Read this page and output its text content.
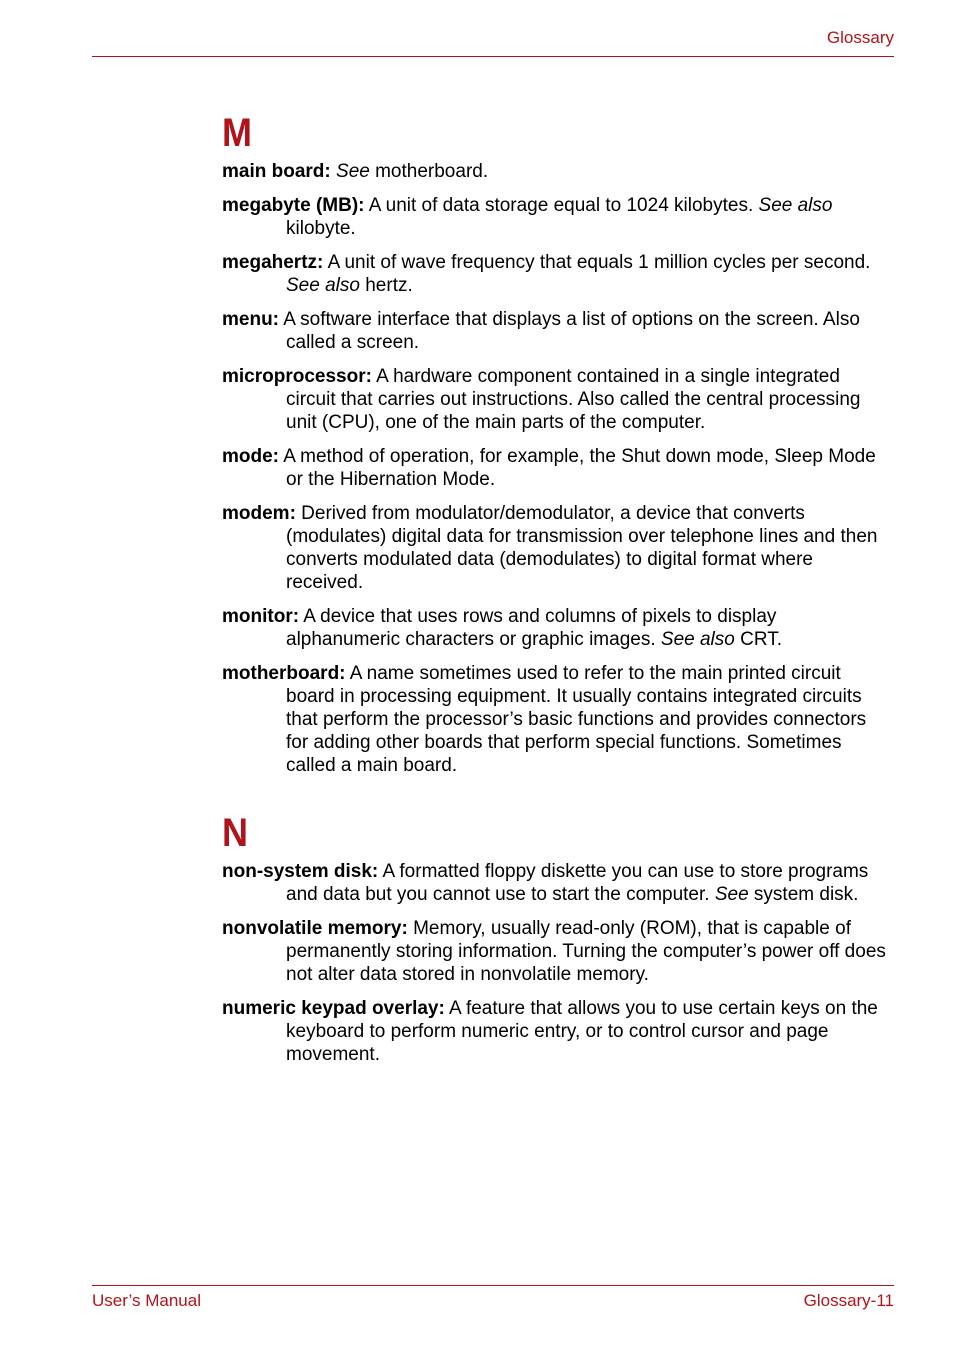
Glossary
M

main board: See motherboard.

megabyte (MB): A unit of data storage equal to 1024 kilobytes. See also kilobyte.

megahertz: A unit of wave frequency that equals 1 million cycles per second. See also hertz.

menu: A software interface that displays a list of options on the screen. Also called a screen.

microprocessor: A hardware component contained in a single integrated circuit that carries out instructions. Also called the central processing unit (CPU), one of the main parts of the computer.

mode: A method of operation, for example, the Shut down mode, Sleep Mode or the Hibernation Mode.

modem: Derived from modulator/demodulator, a device that converts (modulates) digital data for transmission over telephone lines and then converts modulated data (demodulates) to digital format where received.

monitor: A device that uses rows and columns of pixels to display alphanumeric characters or graphic images. See also CRT.

motherboard: A name sometimes used to refer to the main printed circuit board in processing equipment. It usually contains integrated circuits that perform the processor’s basic functions and provides connectors for adding other boards that perform special functions. Sometimes called a main board.

N

non-system disk: A formatted floppy diskette you can use to store programs and data but you cannot use to start the computer. See system disk.

nonvolatile memory: Memory, usually read-only (ROM), that is capable of permanently storing information. Turning the computer’s power off does not alter data stored in nonvolatile memory.

numeric keypad overlay: A feature that allows you to use certain keys on the keyboard to perform numeric entry, or to control cursor and page movement.

User’s Manual	Glossary-11
